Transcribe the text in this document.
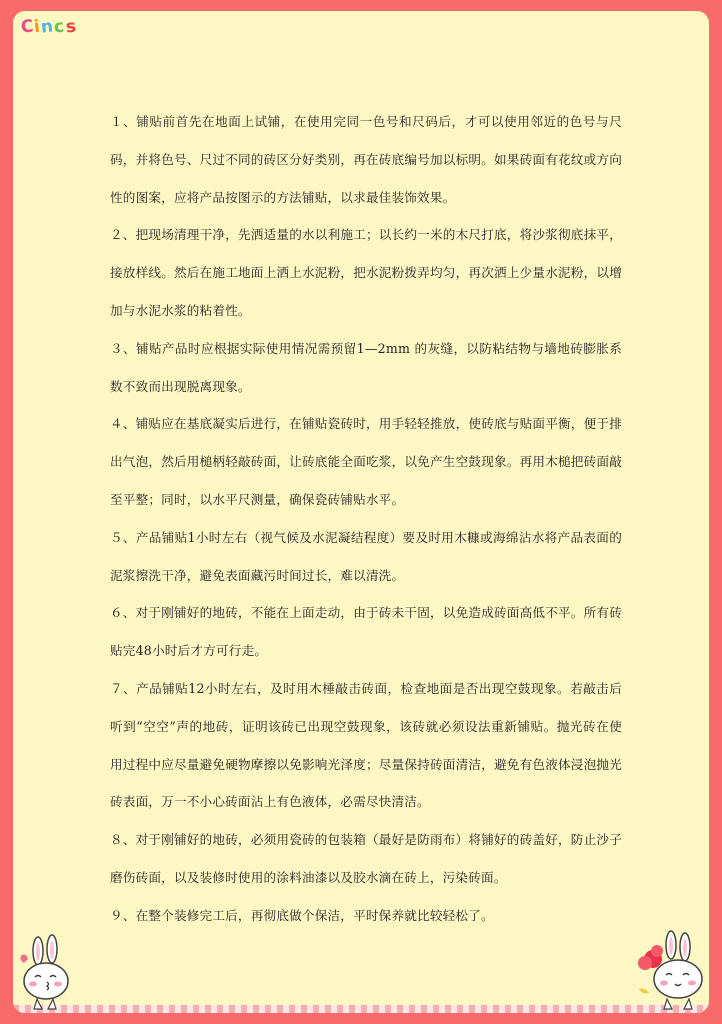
C
i
n
c
s

１、铺贴前首先在地面上试铺，在使用完同一色号和尺码后，才可以使用邻近的色号与尺码，并将色号、尺过不同的砖区分好类别，再在砖底编号加以标明。如果砖面有花纹或方向性的图案，应将产品按图示的方法铺贴，以求最佳装饰效果。

２、把现场清理干净，先洒适量的水以利施工；以长约一米的木尺打底，将沙浆彻底抹平，接放样线。然后在施工地面上洒上水泥粉，把水泥粉拨弄均匀，再次洒上少量水泥粉，以增加与水泥水浆的粘着性。

３、铺贴产品时应根据实际使用情况需预留1—2mm 的灰缝，以防粘结物与墙地砖膨胀系数不致而出现脱离现象。

４、铺贴应在基底凝实后进行，在铺贴瓷砖时，用手轻轻推放，使砖底与贴面平衡，便于排出气泡，然后用槌柄轻敲砖面，让砖底能全面吃浆，以免产生空鼓现象。再用木槌把砖面敲至平整；同时，以水平尺测量，确保瓷砖铺贴水平。

５、产品铺贴1小时左右（视气候及水泥凝结程度）要及时用木糠或海绵沾水将产品表面的泥浆擦洗干净，避免表面藏污时间过长，难以清洗。

６、对于刚铺好的地砖，不能在上面走动，由于砖未干固，以免造成砖面高低不平。所有砖贴完48小时后才方可行走。

７、产品铺贴12小时左右，及时用木棰敲击砖面，检查地面是否出现空鼓现象。若敲击后听到“空空”声的地砖，证明该砖已出现空鼓现象，该砖就必须设法重新铺贴。抛光砖在使用过程中应尽量避免硬物摩擦以免影响光泽度；尽量保持砖面清洁，避免有色液体浸泡抛光砖表面，万一不小心砖面沾上有色液体，必需尽快清洁。

８、对于刚铺好的地砖，必须用瓷砖的包装箱（最好是防雨布）将铺好的砖盖好，防止沙子磨伤砖面，以及装修时使用的涂料油漆以及胶水滴在砖上，污染砖面。

９、在整个装修完工后，再彻底做个保洁，平时保养就比较轻松了。
